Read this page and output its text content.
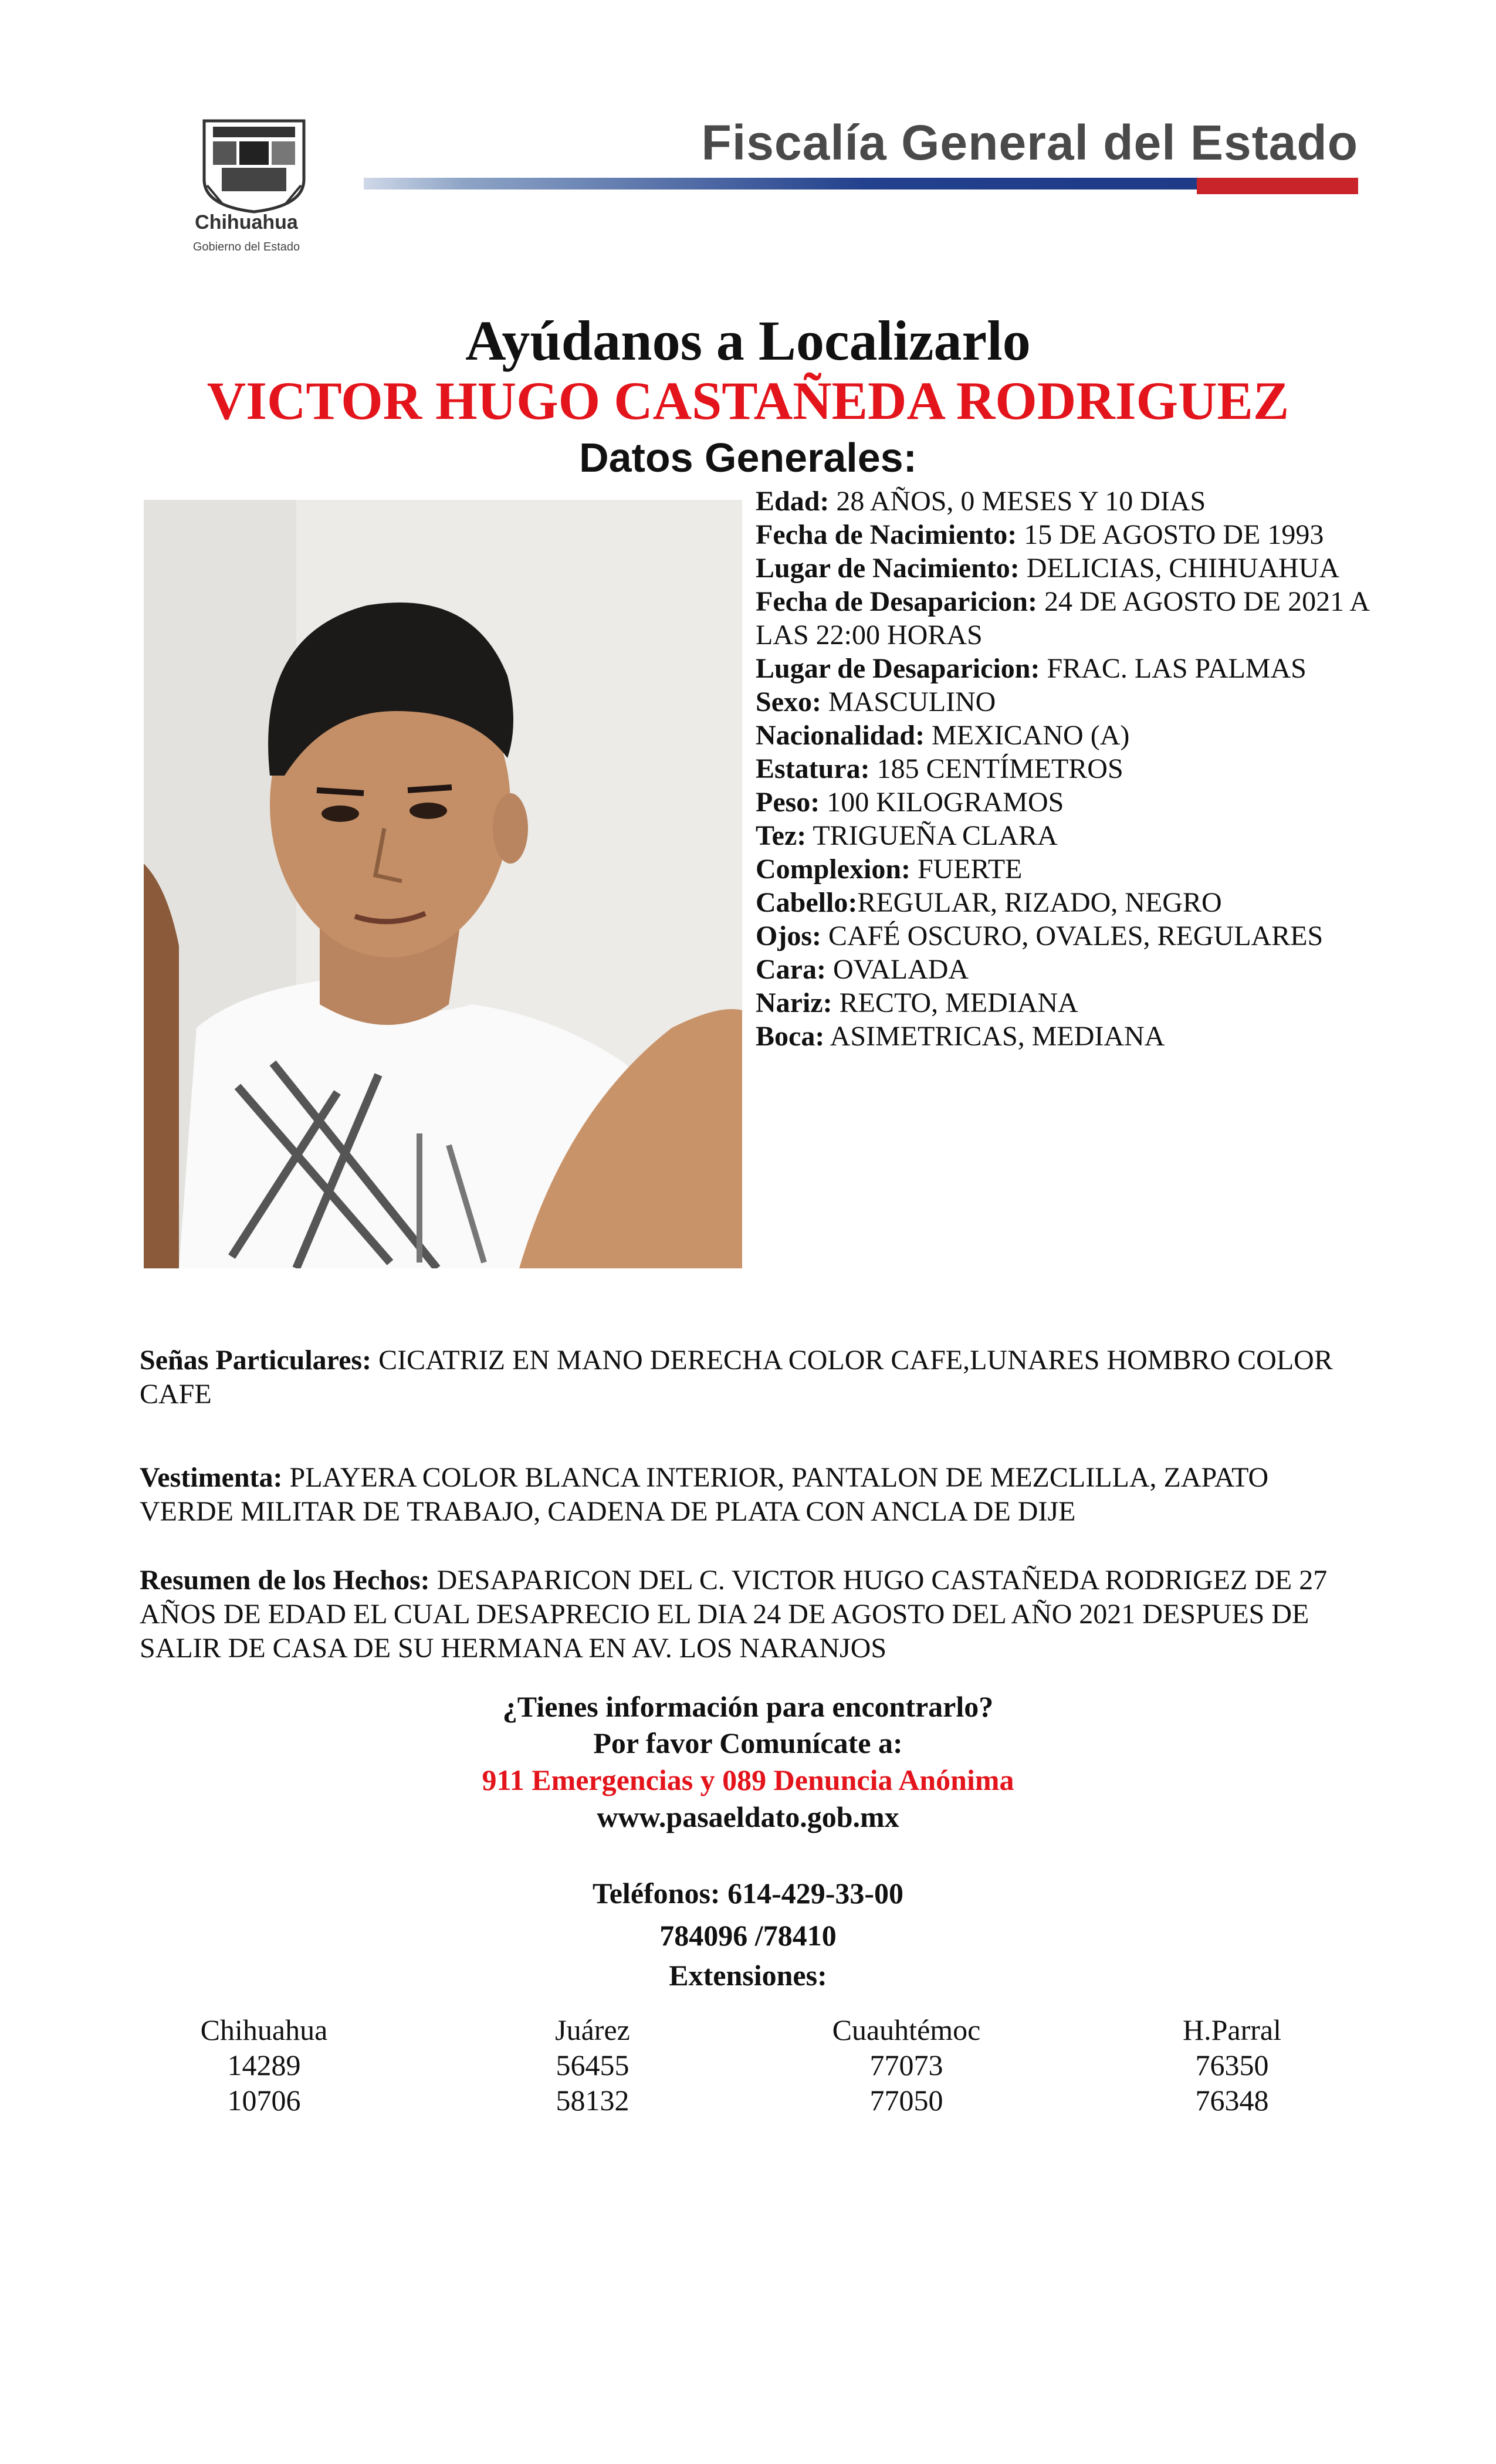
Chihuahua
Gobierno del Estado
Fiscalía General del Estado
Ayúdanos a Localizarlo
VICTOR HUGO CASTAÑEDA RODRIGUEZ
Datos Generales:

Edad: 28 AÑOS, 0 MESES Y 10 DIAS

Fecha de Nacimiento: 15 DE AGOSTO DE 1993

Lugar de Nacimiento: DELICIAS, CHIHUAHUA

Fecha de Desaparicion: 24 DE AGOSTO DE 2021 A LAS 22:00 HORAS

Lugar de Desaparicion: FRAC. LAS PALMAS

Sexo: MASCULINO

Nacionalidad: MEXICANO (A)

Estatura: 185 CENTÍMETROS

Peso: 100 KILOGRAMOS

Tez: TRIGUEÑA CLARA

Complexion: FUERTE

Cabello:REGULAR, RIZADO, NEGRO

Ojos: CAFÉ OSCURO, OVALES, REGULARES

Cara: OVALADA

Nariz: RECTO, MEDIANA

Boca: ASIMETRICAS, MEDIANA

Señas Particulares: CICATRIZ EN MANO DERECHA COLOR CAFE,LUNARES HOMBRO COLOR CAFE

Vestimenta: PLAYERA COLOR BLANCA INTERIOR, PANTALON DE MEZCLILLA, ZAPATO VERDE MILITAR DE TRABAJO, CADENA DE PLATA CON ANCLA DE DIJE

Resumen de los Hechos: DESAPARICON DEL C. VICTOR HUGO CASTAÑEDA RODRIGEZ DE 27 AÑOS DE EDAD EL CUAL DESAPRECIO EL DIA 24 DE AGOSTO DEL AÑO 2021 DESPUES DE SALIR DE CASA DE SU HERMANA EN AV. LOS NARANJOS

¿Tienes información para encontrarlo?
Por favor Comunícate a:
911 Emergencias y 089 Denuncia Anónima
www.pasaeldato.gob.mx
Teléfonos: 614-429-33-00
784096 /78410
Extensiones:
Chihuahua
14289
10706
Juárez
56455
58132
Cuauhtémoc
77073
77050
H.Parral
76350
76348
